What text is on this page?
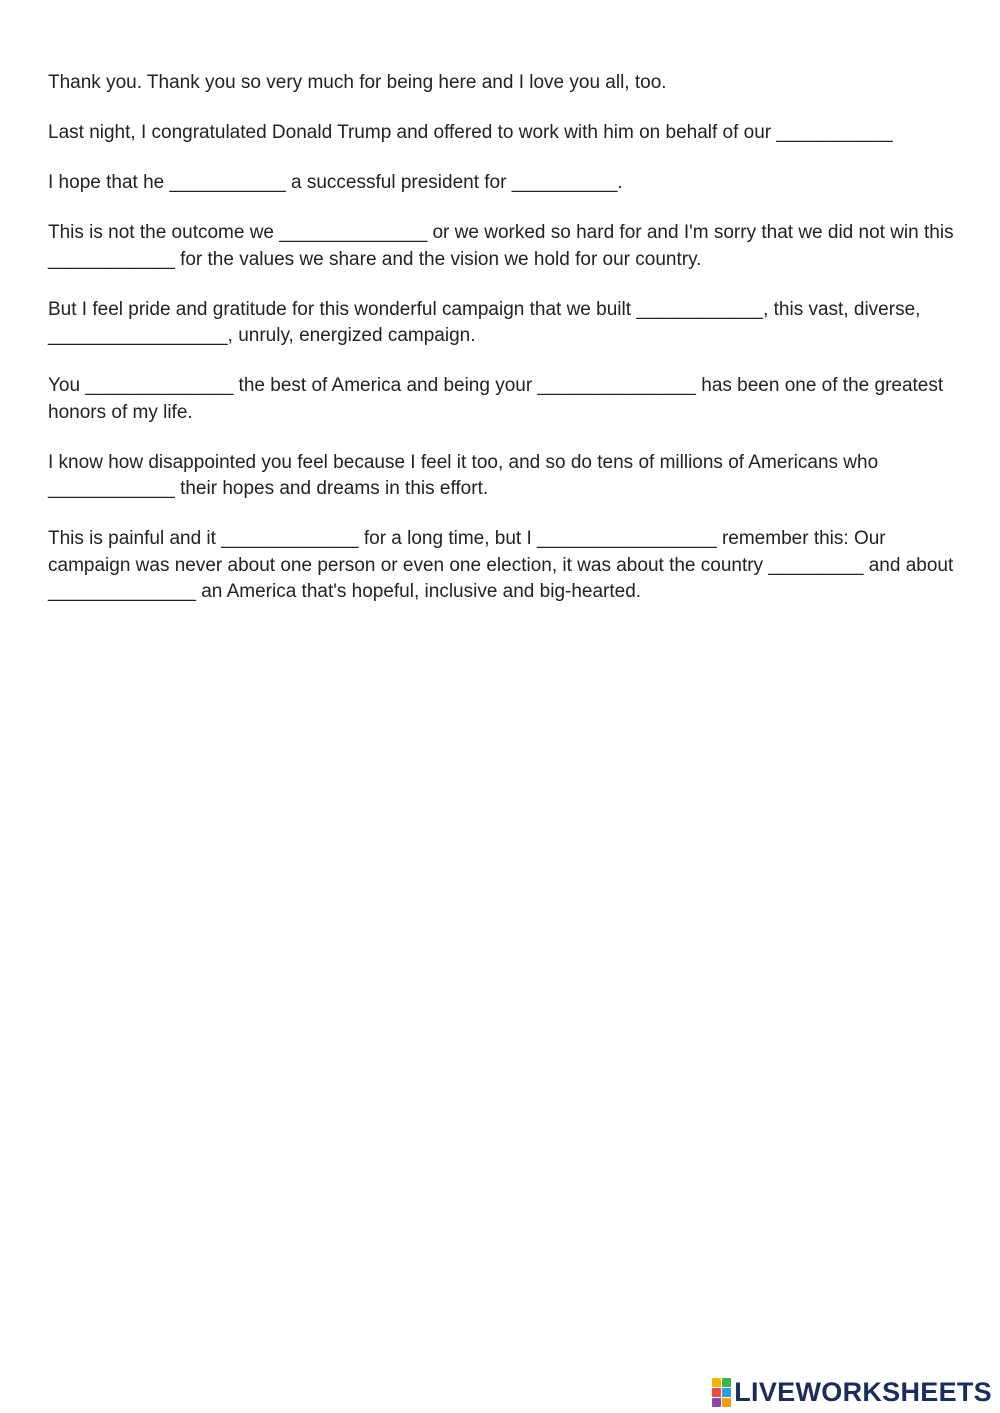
Thank you. Thank you so very much for being here and I love you all, too.

Last night, I congratulated Donald Trump and offered to work with him on behalf of our ___________

I hope that he ___________ a successful president for __________.

This is not the outcome we ______________ or we worked so hard for and I'm sorry that we did not win this ____________ for the values we share and the vision we hold for our country.

But I feel pride and gratitude for this wonderful campaign that we built ____________, this vast, diverse, _________________, unruly, energized campaign.

You ______________ the best of America and being your _______________ has been one of the greatest honors of my life.

I know how disappointed you feel because I feel it too, and so do tens of millions of Americans who ____________ their hopes and dreams in this effort.

This is painful and it _____________ for a long time, but I _________________ remember this: Our campaign was never about one person or even one election, it was about the country _________ and about ______________ an America that's hopeful, inclusive and big-hearted.

LIVEWORKSHEETS
